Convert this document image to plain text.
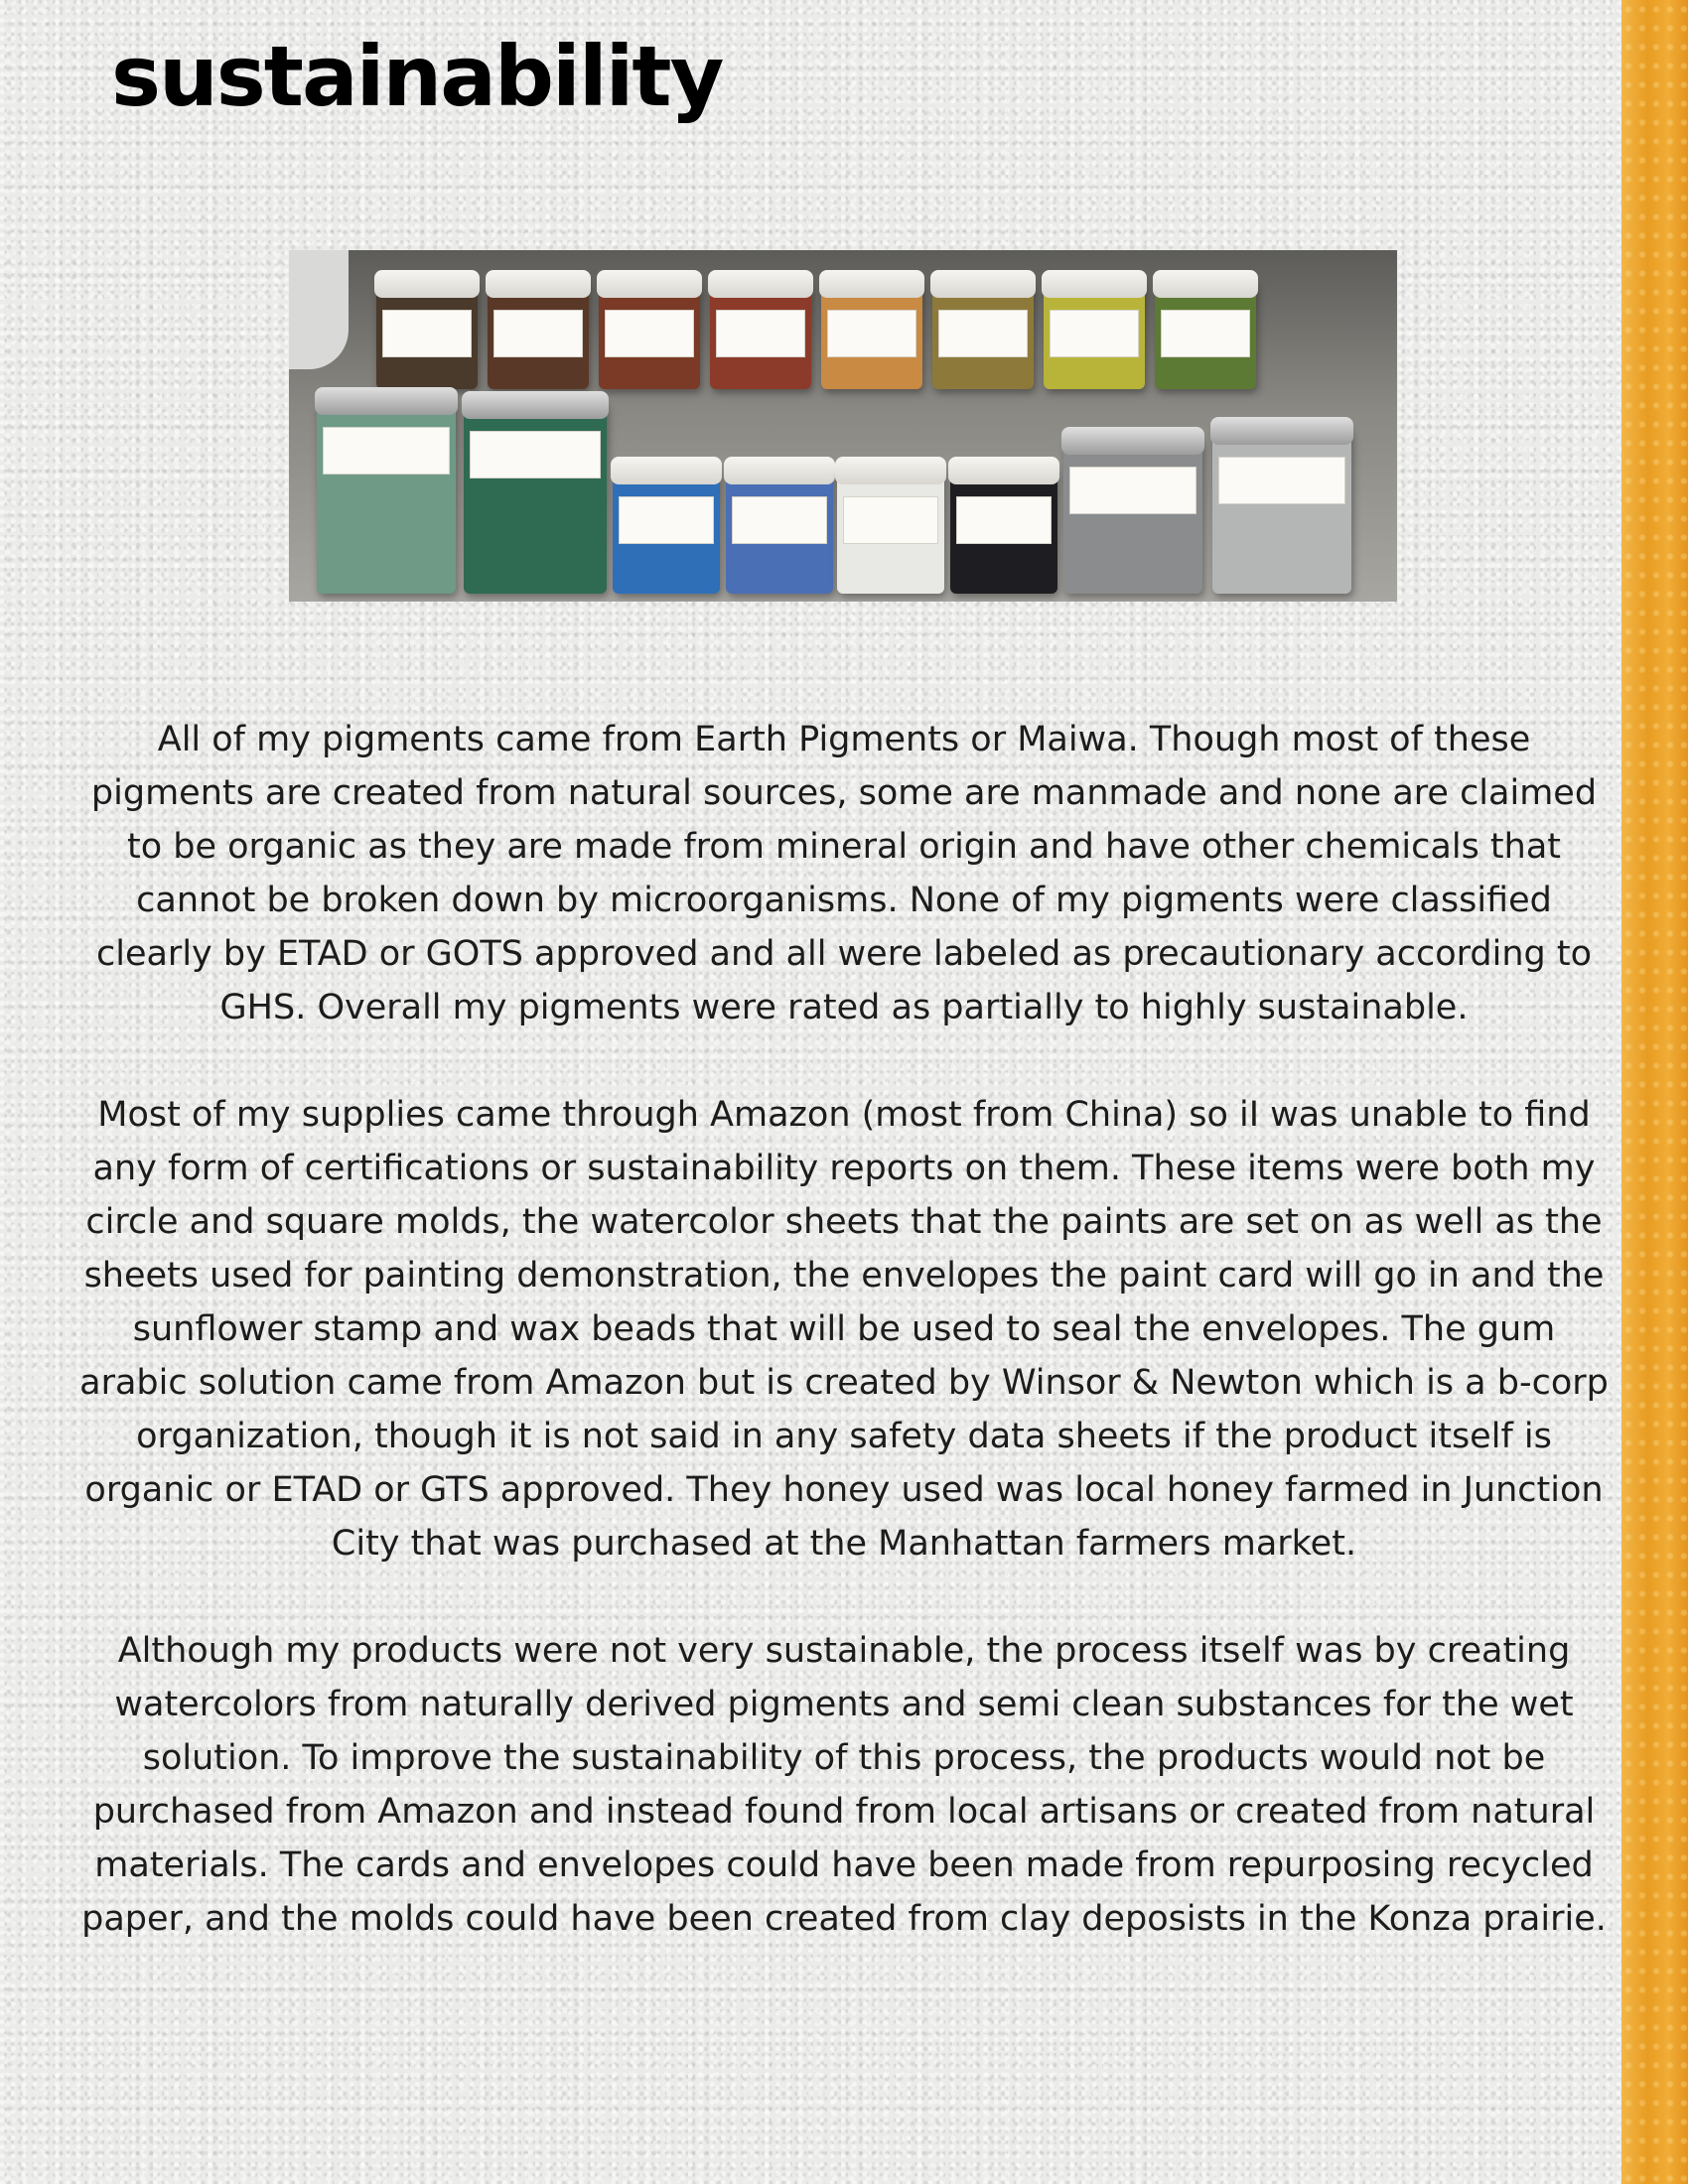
sustainability

All of my pigments came from Earth Pigments or Maiwa. Though most of these pigments are created from natural sources, some are manmade and none are claimed to be organic as they are made from mineral origin and have other chemicals that cannot be broken down by microorganisms. None of my pigments were classified clearly by ETAD or GOTS approved and all were labeled as precautionary according to GHS. Overall my pigments were rated as partially to highly sustainable.

Most of my supplies came through Amazon (most from China) so iI was unable to find any form of certifications or sustainability reports on them. These items were both my circle and square molds, the watercolor sheets that the paints are set on as well as the sheets used for painting demonstration, the envelopes the paint card will go in and the sunflower stamp and wax beads that will be used to seal the envelopes. The gum arabic solution came from Amazon but is created by Winsor & Newton which is a b-corp organization, though it is not said in any safety data sheets if the product itself is organic or ETAD or GTS approved. They honey used was local honey farmed in Junction City that was purchased at the Manhattan farmers market.

Although my products were not very sustainable, the process itself was by creating watercolors from naturally derived pigments and semi clean substances for the wet solution. To improve the sustainability of this process, the products would not be purchased from Amazon and instead found from local artisans or created from natural materials. The cards and envelopes could have been made from repurposing recycled paper, and the molds could have been created from clay deposists in the Konza prairie.
